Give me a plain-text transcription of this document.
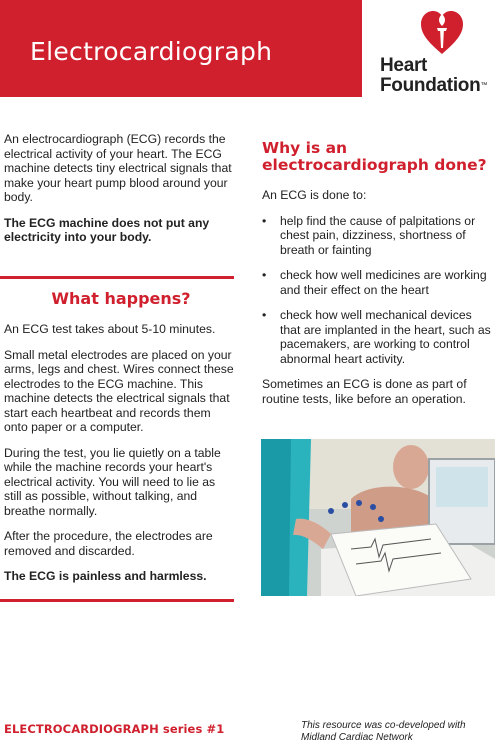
Electrocardiograph	Heart
Foundation™

An electrocardiograph (ECG) records the electrical activity of your heart. The ECG machine detects tiny electrical signals that make your heart pump blood around your body.

The ECG machine does not put any electricity into your body.

What happens?

An ECG test takes about 5-10 minutes.

Small metal electrodes are placed on your arms, legs and chest. Wires connect these electrodes to the ECG machine. This machine detects the electrical signals that start each heartbeat and records them onto paper or a computer.

During the test, you lie quietly on a table while the machine records your heart's electrical activity. You will need to lie as still as possible, without talking, and breathe normally.

After the procedure, the electrodes are removed and discarded.

The ECG is painless and harmless.

Why is an electrocardiograph done?

An ECG is done to:

• help find the cause of palpitations or chest pain, dizziness, shortness of breath or fainting
• check how well medicines are working and their effect on the heart
• check how well mechanical devices that are implanted in the heart, such as pacemakers, are working to control abnormal heart activity.

Sometimes an ECG is done as part of routine tests, like before an operation.

ELECTROCARDIOGRAPH series #1	This resource was co-developed with
Midland Cardiac Network
